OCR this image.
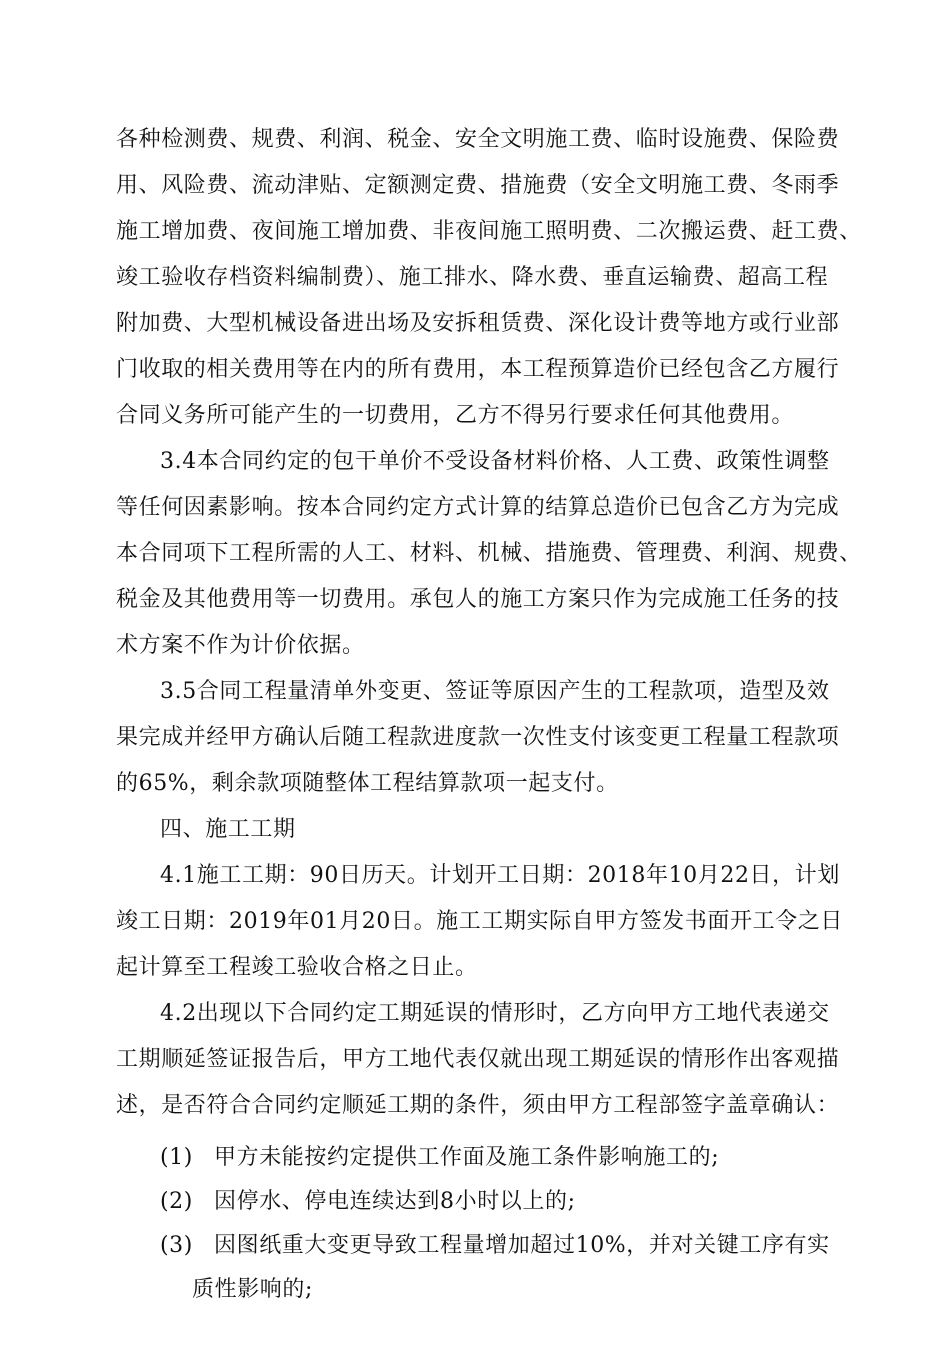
各种检测费、规费、利润、税金、安全文明施工费、临时设施费、保险费
用、风险费、流动津贴、定额测定费、措施费（安全文明施工费、冬雨季
施工增加费、夜间施工增加费、非夜间施工照明费、二次搬运费、赶工费、
竣工验收存档资料编制费）、施工排水、降水费、垂直运输费、超高工程
附加费、大型机械设备进出场及安拆租赁费、深化设计费等地方或行业部
门收取的相关费用等在内的所有费用，本工程预算造价已经包含乙方履行
合同义务所可能产生的一切费用，乙方不得另行要求任何其他费用。
3.4本合同约定的包干单价不受设备材料价格、人工费、政策性调整
等任何因素影响。按本合同约定方式计算的结算总造价已包含乙方为完成
本合同项下工程所需的人工、材料、机械、措施费、管理费、利润、规费、
税金及其他费用等一切费用。承包人的施工方案只作为完成施工任务的技
术方案不作为计价依据。
3.5合同工程量清单外变更、签证等原因产生的工程款项，造型及效
果完成并经甲方确认后随工程款进度款一次性支付该变更工程量工程款项
的65%，剩余款项随整体工程结算款项一起支付。
四、施工工期
4.1施工工期：90日历天。计划开工日期：2018年10月22日，计划
竣工日期：2019年01月20日。施工工期实际自甲方签发书面开工令之日
起计算至工程竣工验收合格之日止。
4.2出现以下合同约定工期延误的情形时，乙方向甲方工地代表递交
工期顺延签证报告后，甲方工地代表仅就出现工期延误的情形作出客观描
述，是否符合合同约定顺延工期的条件，须由甲方工程部签字盖章确认：
(1) 甲方未能按约定提供工作面及施工条件影响施工的;
(2) 因停水、停电连续达到8小时以上的;
(3) 因图纸重大变更导致工程量增加超过10%，并对关键工序有实
质性影响的;
